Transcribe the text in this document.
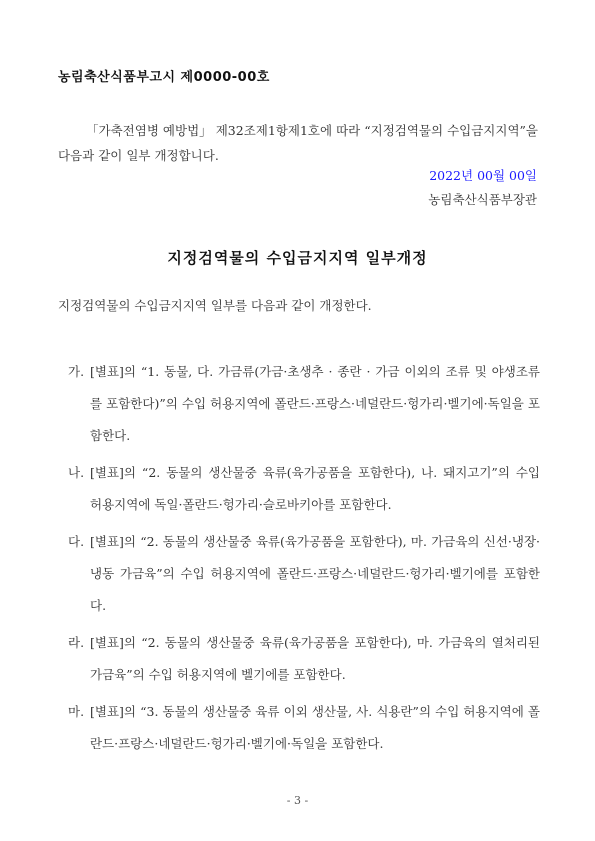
농림축산식품부고시 제0000-00호
「가축전염병 예방법」 제32조제1항제1호에 따라 “지정검역물의 수입금지지역”을 다음과 같이 일부 개정합니다.
2022년 00월 00일
농림축산식품부장관
지정검역물의 수입금지지역 일부개정
지정검역물의 수입금지지역 일부를 다음과 같이 개정한다.
가. [별표]의 “1. 동물, 다. 가금류(가금·초생추 · 종란 · 가금 이외의 조류 및 야생조류를 포함한다)”의 수입 허용지역에 폴란드·프랑스·네덜란드·헝가리·벨기에·독일을 포함한다.
나. [별표]의 “2. 동물의 생산물중 육류(육가공품을 포함한다), 나. 돼지고기”의 수입 허용지역에 독일·폴란드·헝가리·슬로바키아를 포함한다.
다. [별표]의 “2. 동물의 생산물중 육류(육가공품을 포함한다), 마. 가금육의 신선·냉장·냉동 가금육”의 수입 허용지역에 폴란드·프랑스·네덜란드·헝가리·벨기에를 포함한다.
라. [별표]의 “2. 동물의 생산물중 육류(육가공품을 포함한다), 마. 가금육의 열처리된 가금육”의 수입 허용지역에 벨기에를 포함한다.
마. [별표]의 “3. 동물의 생산물중 육류 이외 생산물, 사. 식용란”의 수입 허용지역에 폴란드·프랑스·네덜란드·헝가리·벨기에·독일을 포함한다.
- 3 -
